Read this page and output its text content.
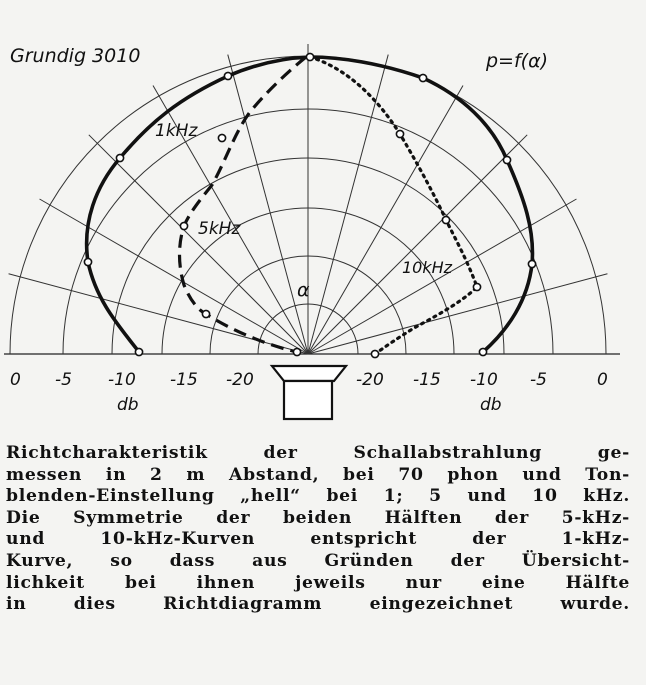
Grundig 3010	p=f(α)
α
1kHz
5kHz
10kHz
0 -5 -10 -15 -20	-20 -15 -10 -5	0
db	db
Richtcharakteristik der Schallabstrahlung ge-
messen in 2 m Abstand, bei 70 phon und Ton-
blenden-Einstellung „hell“ bei 1; 5 und 10 kHz.
Die Symmetrie der beiden Hälften der 5-kHz-
und 10-kHz-Kurven entspricht der 1-kHz-
Kurve, so dass aus Gründen der Übersicht-
lichkeit bei ihnen jeweils nur eine Hälfte
in dies Richtdiagramm eingezeichnet wurde.
